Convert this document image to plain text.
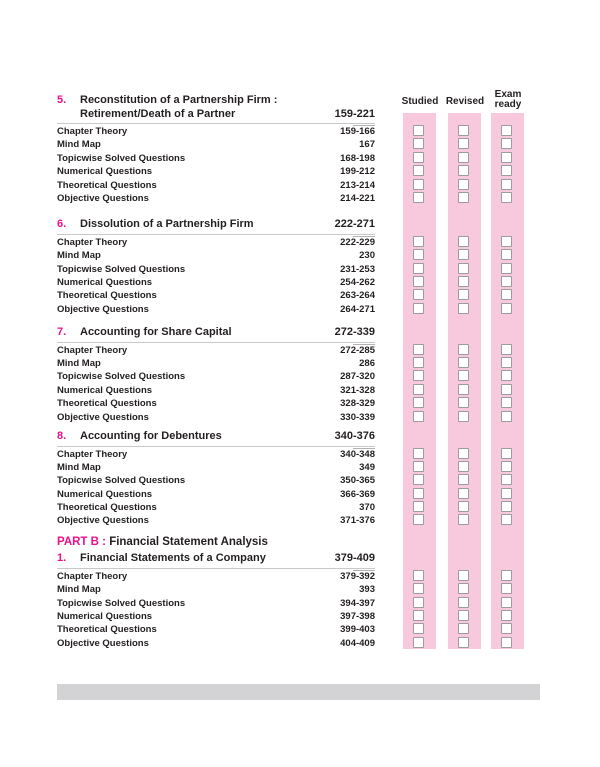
Studied Revised
Exam ready
5.	Reconstitution of a Partnership Firm :
Retirement/Death of a Partner	159-221
Chapter Theory	159-166
Mind Map	167
Topicwise Solved Questions	168-198
Numerical Questions	199-212
Theoretical Questions	213-214
Objective Questions	214-221
6.	Dissolution of a Partnership Firm	222-271
Chapter Theory	222-229
Mind Map	230
Topicwise Solved Questions	231-253
Numerical Questions	254-262
Theoretical Questions	263-264
Objective Questions	264-271
7.	Accounting for Share Capital	272-339
Chapter Theory	272-285
Mind Map	286
Topicwise Solved Questions	287-320
Numerical Questions	321-328
Theoretical Questions	328-329
Objective Questions	330-339
8.	Accounting for Debentures	340-376
Chapter Theory	340-348
Mind Map	349
Topicwise Solved Questions	350-365
Numerical Questions	366-369
Theoretical Questions	370
Objective Questions	371-376
PART B : Financial Statement Analysis
1.	Financial Statements of a Company	379-409
Chapter Theory	379-392
Mind Map	393
Topicwise Solved Questions	394-397
Numerical Questions	397-398
Theoretical Questions	399-403
Objective Questions	404-409
